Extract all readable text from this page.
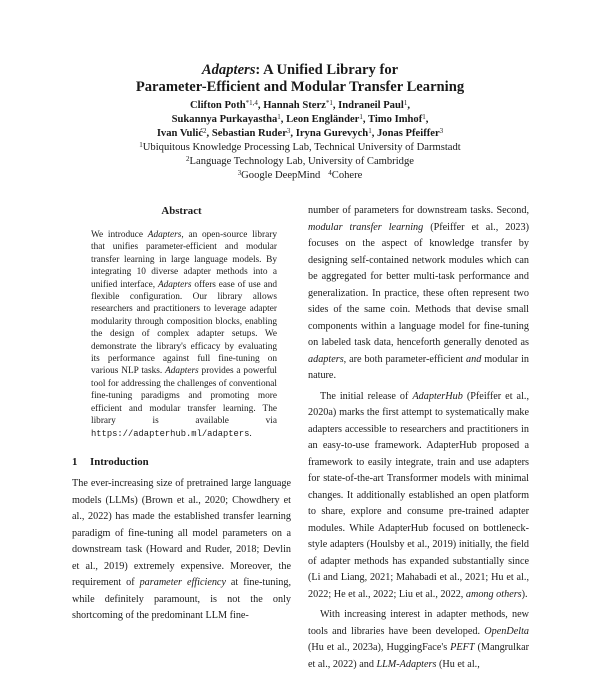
Adapters: A Unified Library for
Parameter-Efficient and Modular Transfer Learning
Clifton Poth$^{*1,4}$, Hannah Sterz$^{*1}$, Indraneil Paul$^1$,
Sukannya Purkayastha$^1$, Leon Engländer$^1$, Timo Imhof$^1$,
Ivan Vulić$^2$, Sebastian Ruder$^3$, Iryna Gurevych$^1$, Jonas Pfeiffer$^3$
$^1$Ubiquitous Knowledge Processing Lab, Technical University of Darmstadt
$^2$Language Technology Lab, University of Cambridge
$^3$Google DeepMind $^4$Cohere
Abstract
We introduce Adapters, an open-source library that unifies parameter-efficient and modular transfer learning in large language models. By integrating 10 diverse adapter methods into a unified interface, Adapters offers ease of use and flexible configuration. Our library allows researchers and practitioners to leverage adapter modularity through composition blocks, enabling the design of complex adapter setups. We demonstrate the library's efficacy by evaluating its performance against full fine-tuning on various NLP tasks. Adapters provides a powerful tool for addressing the challenges of conventional fine-tuning paradigms and promoting more efficient and modular transfer learning. The library is available via https://adapterhub.ml/adapters.
1 Introduction

The ever-increasing size of pretrained large language models (LLMs) (Brown et al., 2020; Chowdhery et al., 2022) has made the established transfer learning paradigm of fine-tuning all model parameters on a downstream task (Howard and Ruder, 2018; Devlin et al., 2019) extremely expensive. Moreover, the requirement of parameter efficiency at fine-tuning, while definitely paramount, is not the only shortcoming of the predominant LLM fine-

number of parameters for downstream tasks. Second, modular transfer learning (Pfeiffer et al., 2023) focuses on the aspect of knowledge transfer by designing self-contained network modules which can be aggregated for better multi-task performance and generalization. In practice, these often represent two sides of the same coin. Methods that devise small components within a language model for fine-tuning on labeled task data, henceforth generally denoted as adapters, are both parameter-efficient and modular in nature.

The initial release of AdapterHub (Pfeiffer et al., 2020a) marks the first attempt to systematically make adapters accessible to researchers and practitioners in an easy-to-use framework. AdapterHub proposed a framework to easily integrate, train and use adapters for state-of-the-art Transformer models with minimal changes. It additionally established an open platform to share, explore and consume pre-trained adapter modules. While AdapterHub focused on bottleneck-style adapters (Houlsby et al., 2019) initially, the field of adapter methods has expanded substantially since (Li and Liang, 2021; Mahabadi et al., 2021; Hu et al., 2022; He et al., 2022; Liu et al., 2022, among others).

With increasing interest in adapter methods, new tools and libraries have been developed. OpenDelta (Hu et al., 2023a), HuggingFace's PEFT (Mangrulkar et al., 2022) and LLM-Adapters (Hu et al.,
